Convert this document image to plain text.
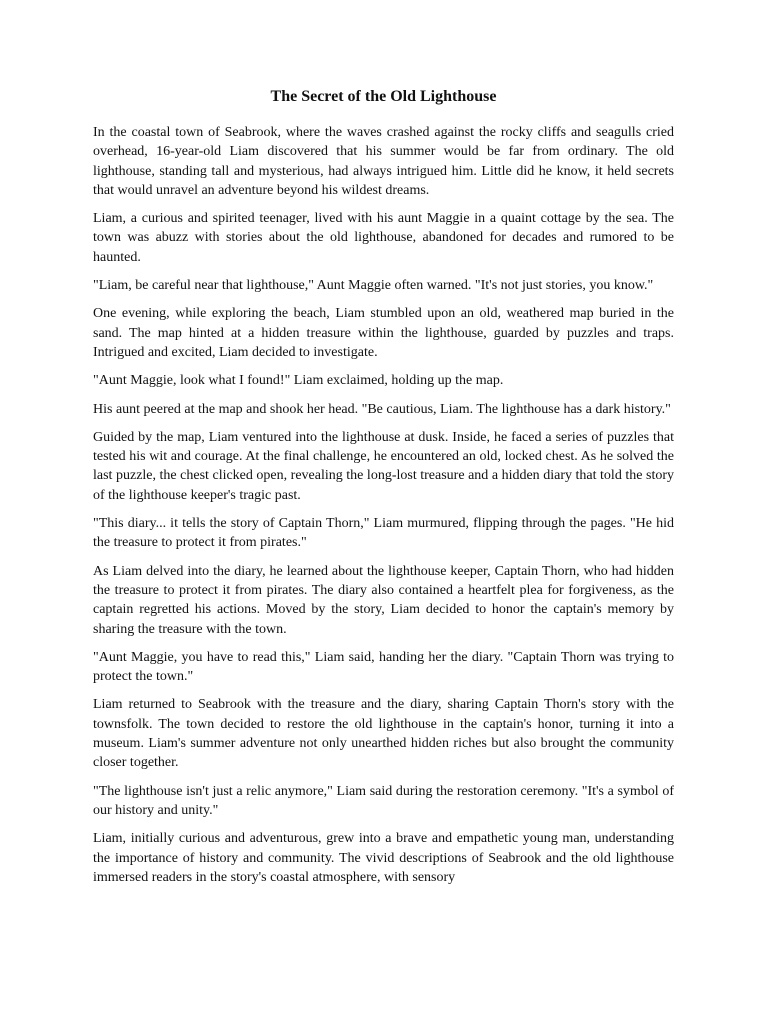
The Secret of the Old Lighthouse

In the coastal town of Seabrook, where the waves crashed against the rocky cliffs and seagulls cried overhead, 16-year-old Liam discovered that his summer would be far from ordinary. The old lighthouse, standing tall and mysterious, had always intrigued him. Little did he know, it held secrets that would unravel an adventure beyond his wildest dreams.

Liam, a curious and spirited teenager, lived with his aunt Maggie in a quaint cottage by the sea. The town was abuzz with stories about the old lighthouse, abandoned for decades and rumored to be haunted.

"Liam, be careful near that lighthouse," Aunt Maggie often warned. "It's not just stories, you know."

One evening, while exploring the beach, Liam stumbled upon an old, weathered map buried in the sand. The map hinted at a hidden treasure within the lighthouse, guarded by puzzles and traps. Intrigued and excited, Liam decided to investigate.

"Aunt Maggie, look what I found!" Liam exclaimed, holding up the map.

His aunt peered at the map and shook her head. "Be cautious, Liam. The lighthouse has a dark history."

Guided by the map, Liam ventured into the lighthouse at dusk. Inside, he faced a series of puzzles that tested his wit and courage. At the final challenge, he encountered an old, locked chest. As he solved the last puzzle, the chest clicked open, revealing the long-lost treasure and a hidden diary that told the story of the lighthouse keeper's tragic past.

"This diary... it tells the story of Captain Thorn," Liam murmured, flipping through the pages. "He hid the treasure to protect it from pirates."

As Liam delved into the diary, he learned about the lighthouse keeper, Captain Thorn, who had hidden the treasure to protect it from pirates. The diary also contained a heartfelt plea for forgiveness, as the captain regretted his actions. Moved by the story, Liam decided to honor the captain's memory by sharing the treasure with the town.

"Aunt Maggie, you have to read this," Liam said, handing her the diary. "Captain Thorn was trying to protect the town."

Liam returned to Seabrook with the treasure and the diary, sharing Captain Thorn's story with the townsfolk. The town decided to restore the old lighthouse in the captain's honor, turning it into a museum. Liam's summer adventure not only unearthed hidden riches but also brought the community closer together.

"The lighthouse isn't just a relic anymore," Liam said during the restoration ceremony. "It's a symbol of our history and unity."

Liam, initially curious and adventurous, grew into a brave and empathetic young man, understanding the importance of history and community. The vivid descriptions of Seabrook and the old lighthouse immersed readers in the story's coastal atmosphere, with sensory
